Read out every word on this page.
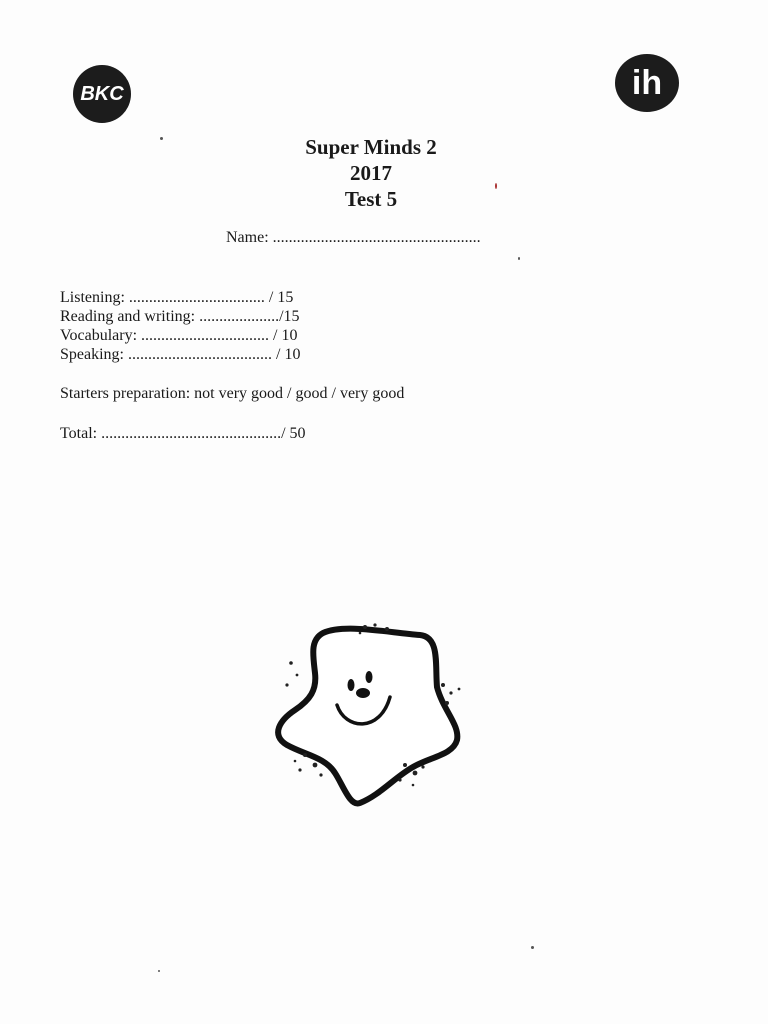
BKC	ih
Super Minds 2
2017
Test 5
Name: ....................................................
Listening: .................................. / 15
Reading and writing: ..................../15
Vocabulary: ................................ / 10
Speaking: .................................... / 10
Starters preparation: not very good / good / very good
Total: ............................................./ 50
